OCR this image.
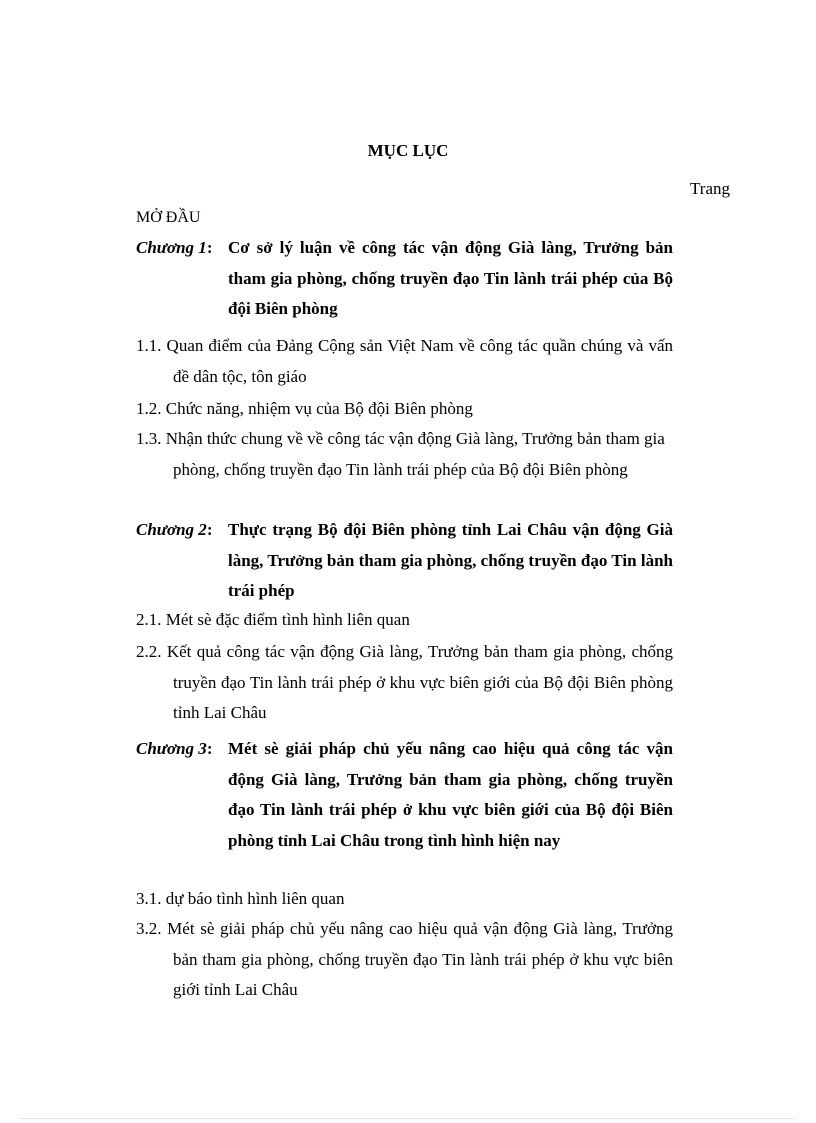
MỤC LỤC
Trang
MỞ ĐẦU
Chương 1: Cơ sở lý luận về công tác vận động Già làng, Trưởng bản tham gia phòng, chống truyền đạo Tin lành trái phép của Bộ đội Biên phòng
1.1. Quan điểm của Đảng Cộng sản Việt Nam về công tác quần chúng và vấn đề dân tộc, tôn giáo
1.2. Chức năng, nhiệm vụ của Bộ đội Biên phòng
1.3. Nhận thức chung về về công tác vận động Già làng, Trưởng bản tham gia phòng, chống truyền đạo Tin lành trái phép của Bộ đội Biên phòng
Chương 2: Thực trạng Bộ đội Biên phòng tỉnh Lai Châu vận động Già làng, Trưởng bản tham gia phòng, chống truyền đạo Tin lành trái phép
2.1. Mét sè đặc điểm tình hình liên quan
2.2. Kết quả công tác vận động Già làng, Trưởng bản tham gia phòng, chống truyền đạo Tin lành trái phép ở khu vực biên giới của Bộ đội Biên phòng tỉnh Lai Châu
Chương 3: Mét sè giải pháp chủ yếu nâng cao hiệu quả công tác vận động Già làng, Trưởng bản tham gia phòng, chống truyền đạo Tin lành trái phép ở khu vực biên giới của Bộ đội Biên phòng tỉnh Lai Châu trong tình hình hiện nay
3.1. dự báo tình hình liên quan
3.2. Mét sè giải pháp chủ yếu nâng cao hiệu quả vận động Già làng, Trưởng bản tham gia phòng, chống truyền đạo Tin lành trái phép ở khu vực biên giới tỉnh Lai Châu
